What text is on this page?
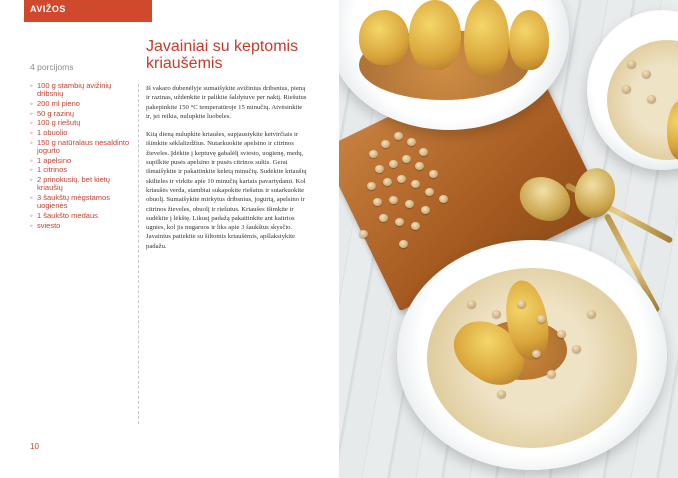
AVIŽOS
Javainiai su keptomis kriaušėmis
4 porcijoms
◦ 100 g stambių avižinių dribsnių
◦ 200 ml pieno
◦ 50 g razinų
◦ 100 g riešutų
◦ 1 obuolio
◦ 150 g natūralaus nesaldinto jogurto
◦ 1 apelsino
◦ 1 citrinos
◦ 2 prinokusių, bet kietų kriaušių
◦ 3 šaukštų mėgstamos uogienės
◦ 1 šaukšto medaus
◦ sviesto

Iš vakaro dubenėlyje sumaišykite avižinius dribsnius, pieną ir razinas, uždenkite ir palikite šaldytuve per naktį. Riešutus pakepinkite 150 °C temperatūroje 15 minučių. Atvėsinkite ir, jei reikia, nulupkite luobeles.

Kitą dieną nulupkite kriaušes, supjaustykite ketvirčiais ir išimkite sėklalizdžius. Nutarkuokite apelsino ir citrinos žieveles. Įdėkite į keptuvę gabalėlį sviesto, uogienę, medų, supilkite pusės apelsino ir pusės citrinos sultis. Gerai išmaišykite ir pakaitinkite keletą minučių. Sudėkite kriaušių skilteles ir virkite apie 10 minučių kartais pavartydami. Kol kriaušės verda, stambiai sukapokite riešutus ir sutarkuokite obuolį. Sumaišykite mirkytus dribsnius, jogurtą, apelsino ir citrinos žieveles, obuolį ir riešutus. Kriaušes išimkite ir sudėkite į lėkštę. Likusį padažą pakaitinkite ant kaitrios ugnies, kol jis nugaruos ir liks apie 3 šaukštus skysčio. Javainius patiekite su šiltomis kriaušėmis, apšlakstykite padažu.

10
